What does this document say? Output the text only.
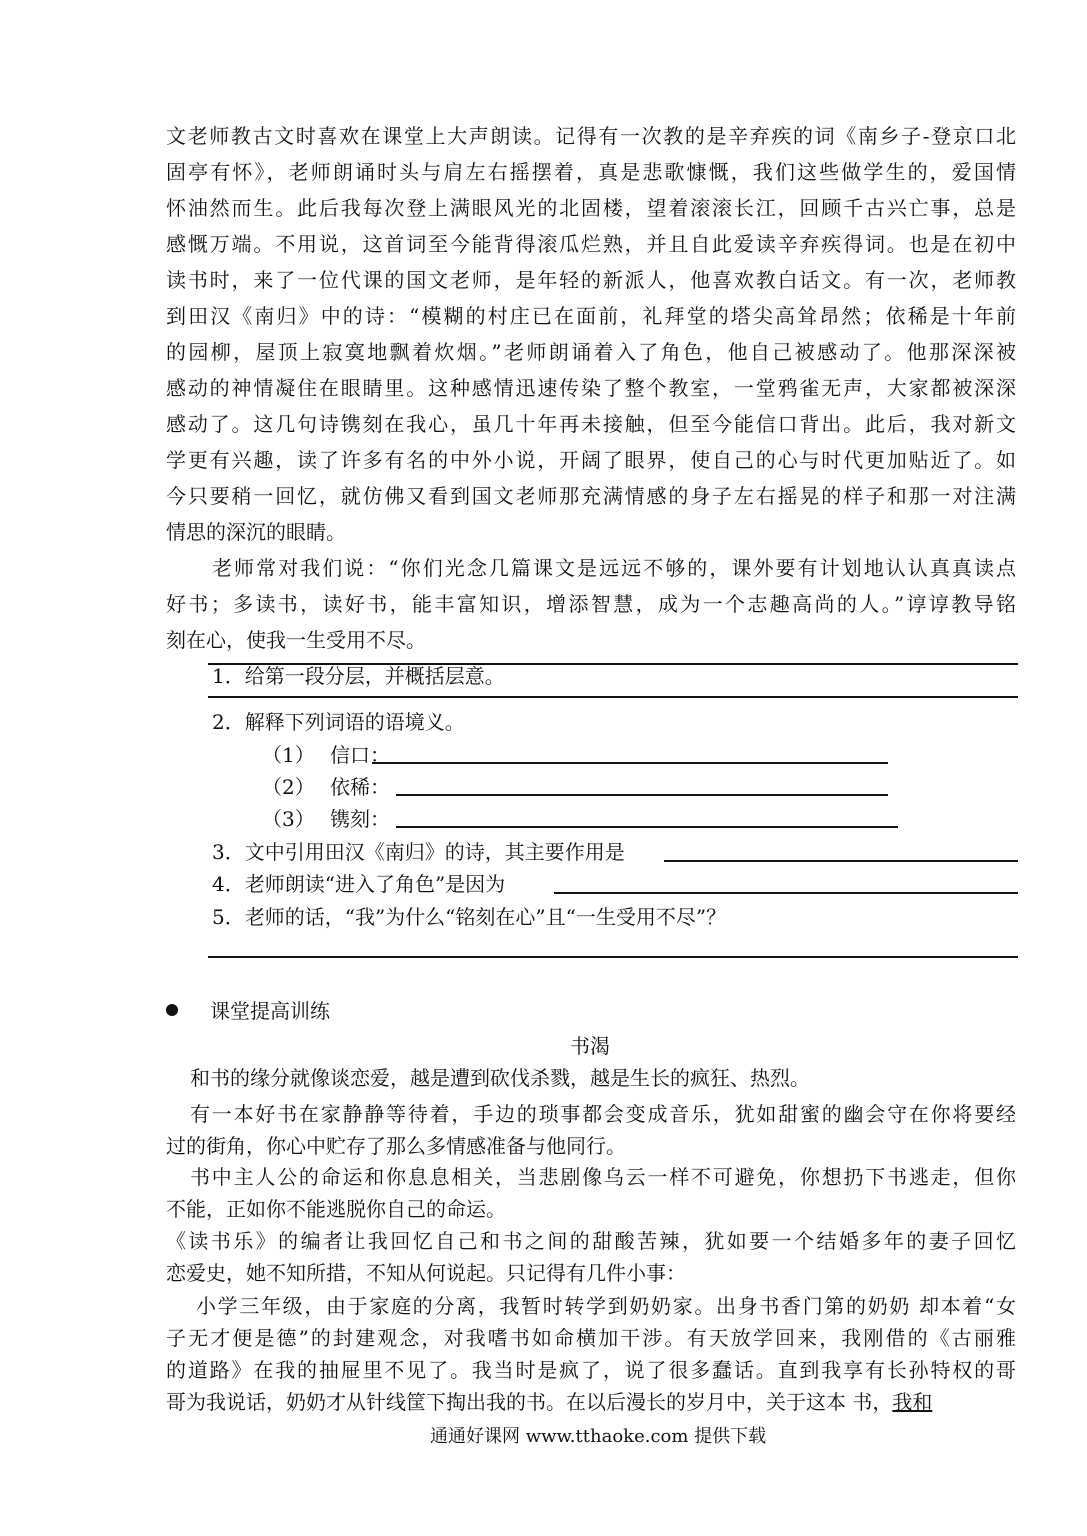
文老师教古文时喜欢在课堂上大声朗读。记得有一次教的是辛弃疾的词《南乡子-登京口北
固亭有怀》，老师朗诵时头与肩左右摇摆着，真是悲歌慷慨，我们这些做学生的，爱国情
怀油然而生。此后我每次登上满眼风光的北固楼，望着滚滚长江，回顾千古兴亡事，总是
感慨万端。不用说，这首词至今能背得滚瓜烂熟，并且自此爱读辛弃疾得词。也是在初中
读书时，来了一位代课的国文老师，是年轻的新派人，他喜欢教白话文。有一次，老师教
到田汉《南归》中的诗：“模糊的村庄已在面前，礼拜堂的塔尖高耸昂然；依稀是十年前
的园柳，屋顶上寂寞地飘着炊烟。”老师朗诵着入了角色，他自己被感动了。他那深深被
感动的神情凝住在眼睛里。这种感情迅速传染了整个教室，一堂鸦雀无声，大家都被深深
感动了。这几句诗镌刻在我心，虽几十年再未接触，但至今能信口背出。此后，我对新文
学更有兴趣，读了许多有名的中外小说，开阔了眼界，使自己的心与时代更加贴近了。如
今只要稍一回忆，就仿佛又看到国文老师那充满情感的身子左右摇晃的样子和那一对注满
情思的深沉的眼睛。
老师常对我们说：“你们光念几篇课文是远远不够的，课外要有计划地认认真真读点
好书；多读书，读好书，能丰富知识，增添智慧，成为一个志趣高尚的人。”谆谆教导铭
刻在心，使我一生受用不尽。
1．给第一段分层，并概括层意。
2．解释下列词语的语境义。
（1） 信口：
（2） 依稀：
（3） 镌刻：
3．文中引用田汉《南归》的诗，其主要作用是
4．老师朗读“进入了角色”是因为
5．老师的话，“我”为什么“铭刻在心”且“一生受用不尽”？
课堂提高训练
书渴
和书的缘分就像谈恋爱，越是遭到砍伐杀戮，越是生长的疯狂、热烈。
有一本好书在家静静等待着，手边的琐事都会变成音乐，犹如甜蜜的幽会守在你将要经
过的街角，你心中贮存了那么多情感准备与他同行。
书中主人公的命运和你息息相关，当悲剧像乌云一样不可避免，你想扔下书逃走，但你
不能，正如你不能逃脱你自己的命运。
《读书乐》的编者让我回忆自己和书之间的甜酸苦辣，犹如要一个结婚多年的妻子回忆
恋爱史，她不知所措，不知从何说起。只记得有几件小事：
小学三年级，由于家庭的分离，我暂时转学到奶奶家。出身书香门第的奶奶 却本着“女
子无才便是德”的封建观念，对我嗜书如命横加干涉。有天放学回来，我刚借的《古丽雅
的道路》在我的抽屉里不见了。我当时是疯了，说了很多蠢话。直到我享有长孙特权的哥
哥为我说话，奶奶才从针线筐下掏出我的书。在以后漫长的岁月中，关于这本 书，我和
通通好课网 www.tthaoke.com 提供下载
